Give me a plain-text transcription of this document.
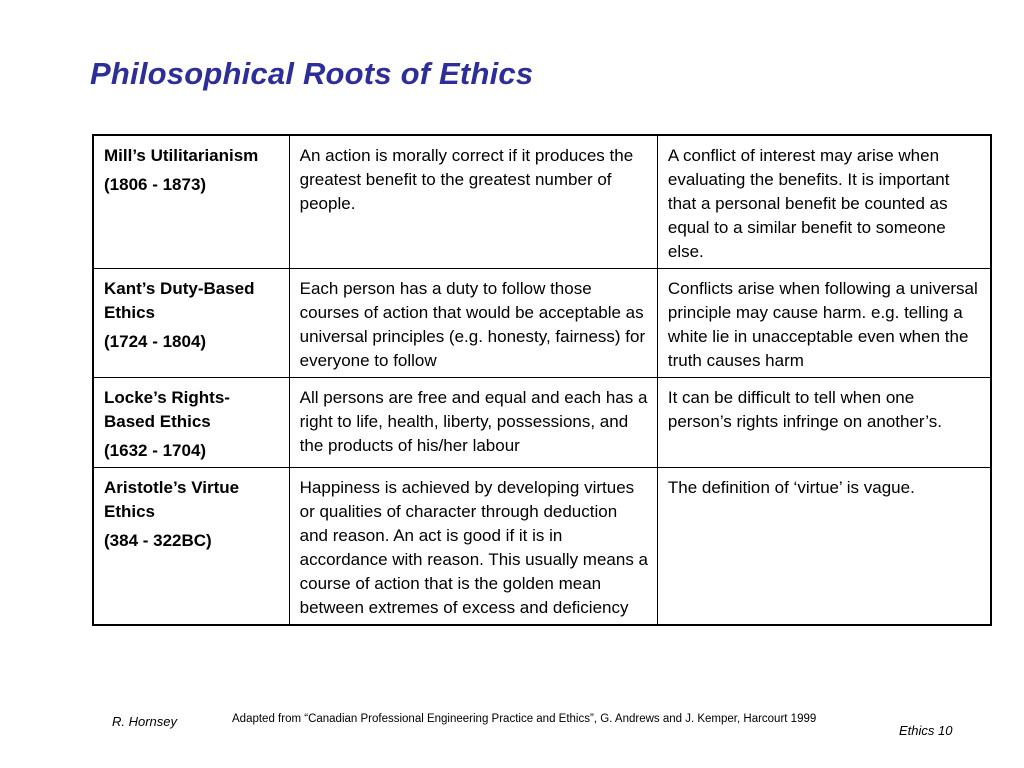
Philosophical Roots of Ethics
Mill’s Utilitarianism
(1806 - 1873)	An action is morally correct if it produces the greatest benefit to the greatest number of people.	A conflict of interest may arise when evaluating the benefits. It is important that a personal benefit be counted as equal to a similar benefit to someone else.
Kant’s Duty-Based Ethics
(1724 - 1804)	Each person has a duty to follow those courses of action that would be acceptable as universal principles (e.g. honesty, fairness) for everyone to follow	Conflicts arise when following a universal principle may cause harm. e.g. telling a white lie in unacceptable even when the truth causes harm
Locke’s Rights-Based Ethics
(1632 - 1704)	All persons are free and equal and each has a right to life, health, liberty, possessions, and the products of his/her labour	It can be difficult to tell when one person’s rights infringe on another’s.
Aristotle’s Virtue Ethics
(384 - 322BC)	Happiness is achieved by developing virtues or qualities of character through deduction and reason. An act is good if it is in accordance with reason. This usually means a course of action that is the golden mean between extremes of excess and deficiency	The definition of ‘virtue’ is vague.
R. Hornsey	Adapted from “Canadian Professional Engineering Practice and Ethics”, G. Andrews and J. Kemper, Harcourt 1999
Ethics 10
